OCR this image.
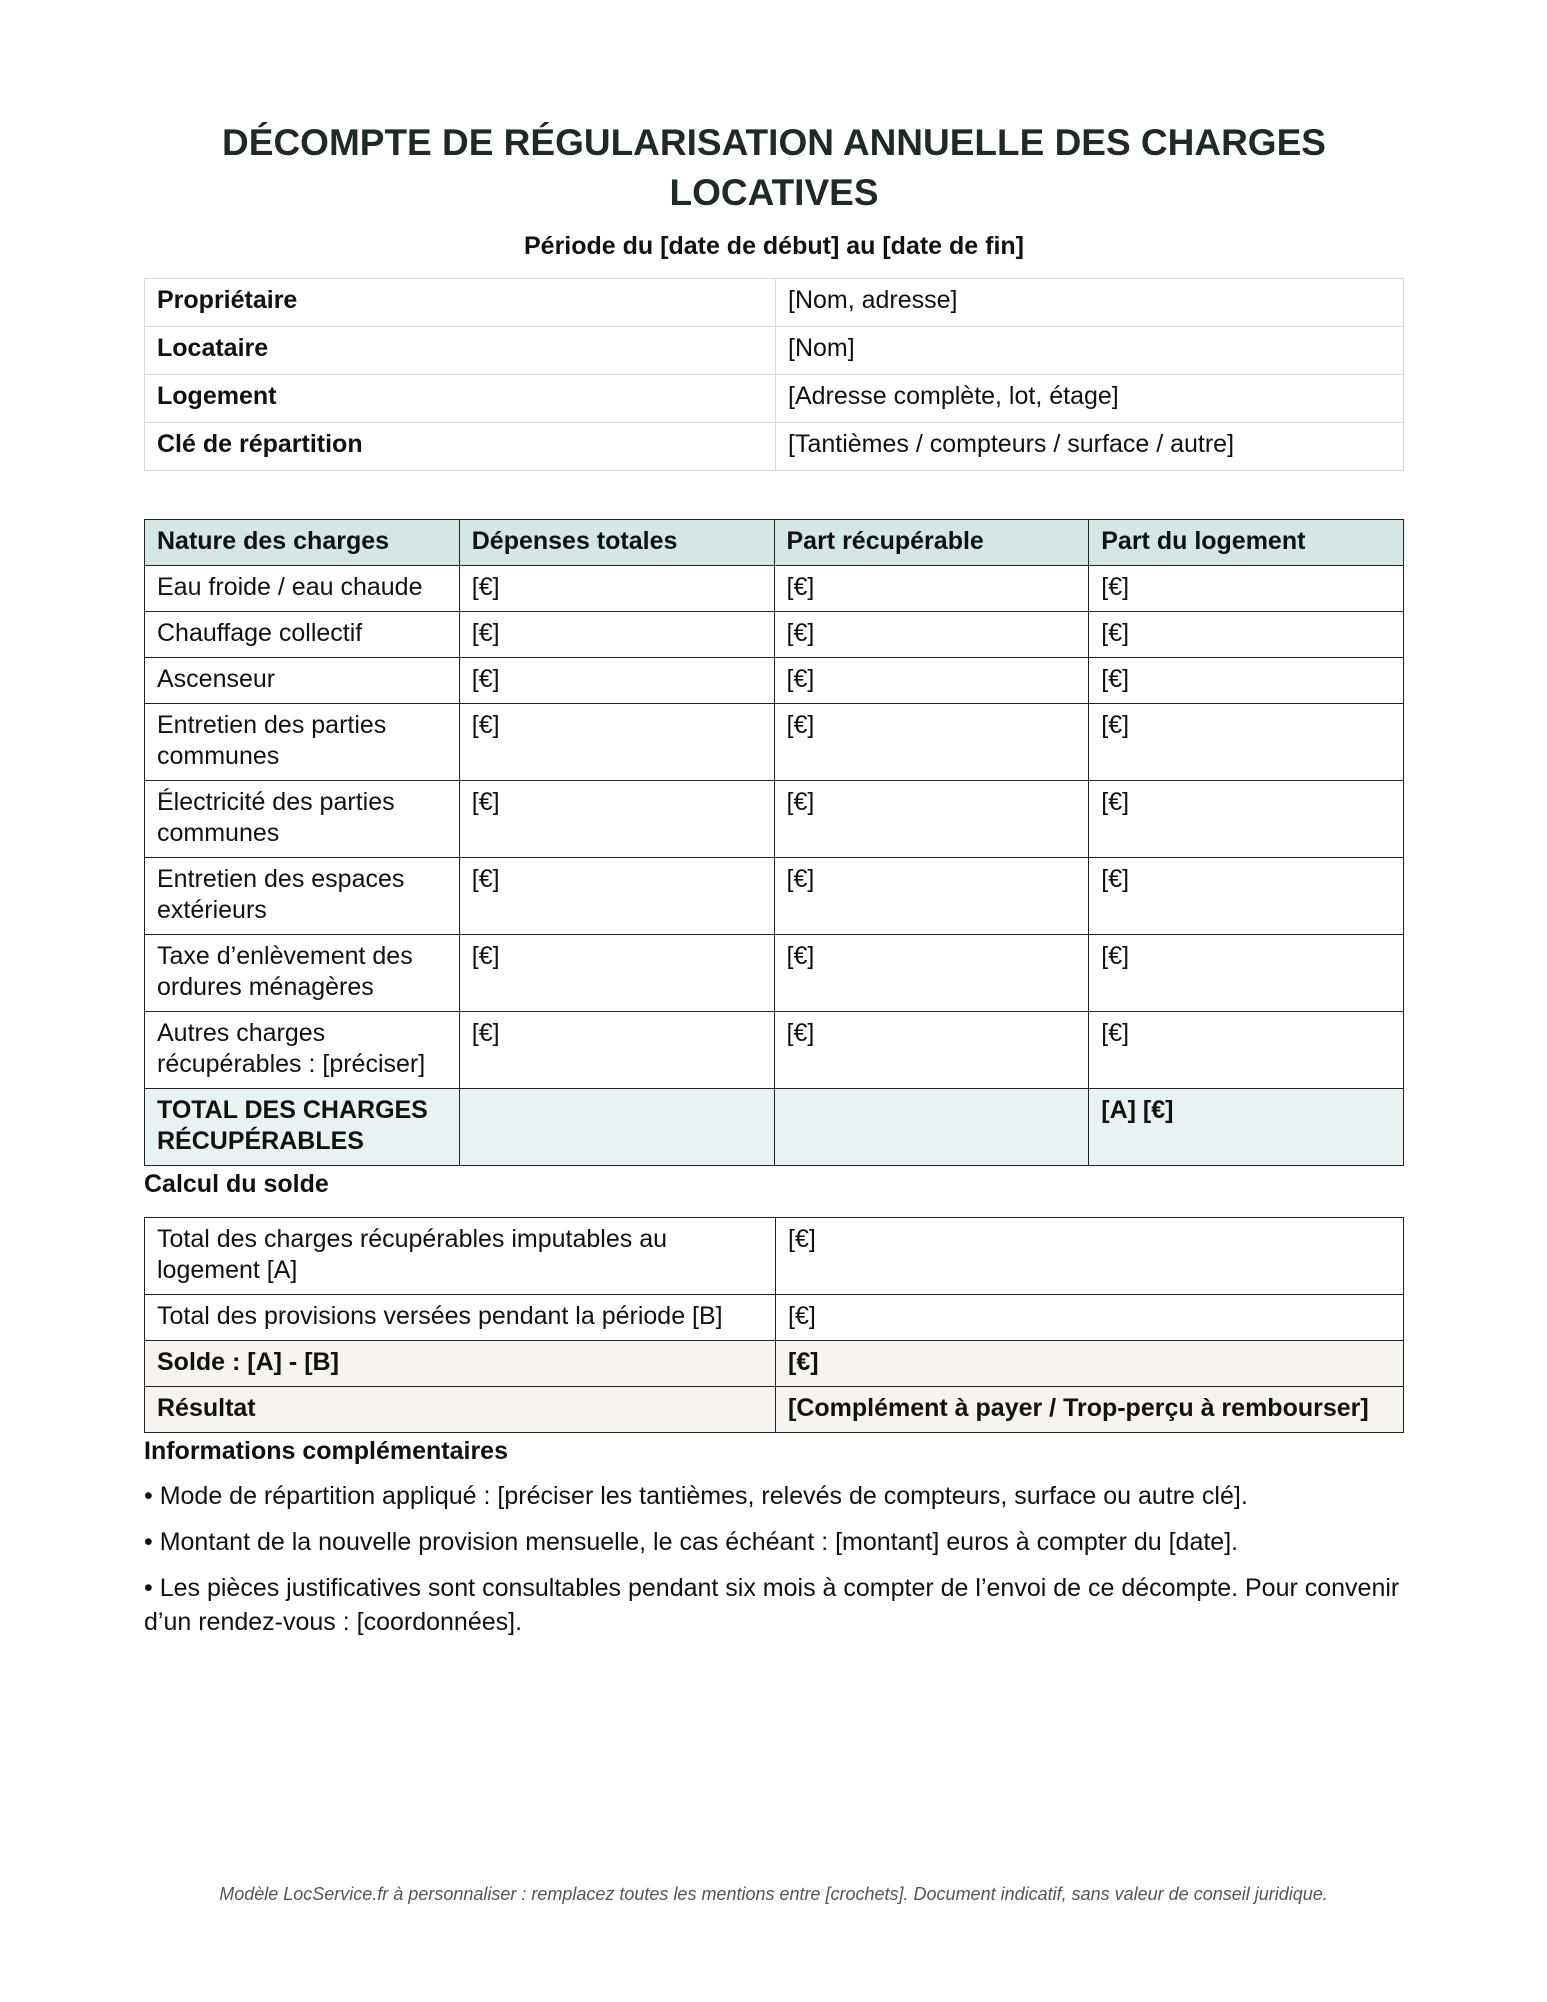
DÉCOMPTE DE RÉGULARISATION ANNUELLE DES CHARGES
LOCATIVES
Période du [date de début] au [date de fin]
Propriétaire	[Nom, adresse]
Locataire	[Nom]
Logement	[Adresse complète, lot, étage]
Clé de répartition	[Tantièmes / compteurs / surface / autre]
Nature des charges	Dépenses totales	Part récupérable	Part du logement
Eau froide / eau chaude	[€]	[€]	[€]
Chauffage collectif	[€]	[€]	[€]
Ascenseur	[€]	[€]	[€]
Entretien des parties communes	[€]	[€]	[€]
Électricité des parties communes	[€]	[€]	[€]
Entretien des espaces extérieurs	[€]	[€]	[€]
Taxe d’enlèvement des ordures ménagères	[€]	[€]	[€]
Autres charges récupérables : [préciser]	[€]	[€]	[€]
TOTAL DES CHARGES RÉCUPÉRABLES			[A] [€]
Calcul du solde
Total des charges récupérables imputables au logement [A]	[€]
Total des provisions versées pendant la période [B]	[€]
Solde : [A] - [B]	[€]
Résultat	[Complément à payer / Trop-perçu à rembourser]
Informations complémentaires

• Mode de répartition appliqué : [préciser les tantièmes, relevés de compteurs, surface ou autre clé].

• Montant de la nouvelle provision mensuelle, le cas échéant : [montant] euros à compter du [date].

• Les pièces justificatives sont consultables pendant six mois à compter de l’envoi de ce décompte. Pour convenir d’un rendez-vous : [coordonnées].

Modèle LocService.fr à personnaliser : remplacez toutes les mentions entre [crochets]. Document indicatif, sans valeur de conseil juridique.
